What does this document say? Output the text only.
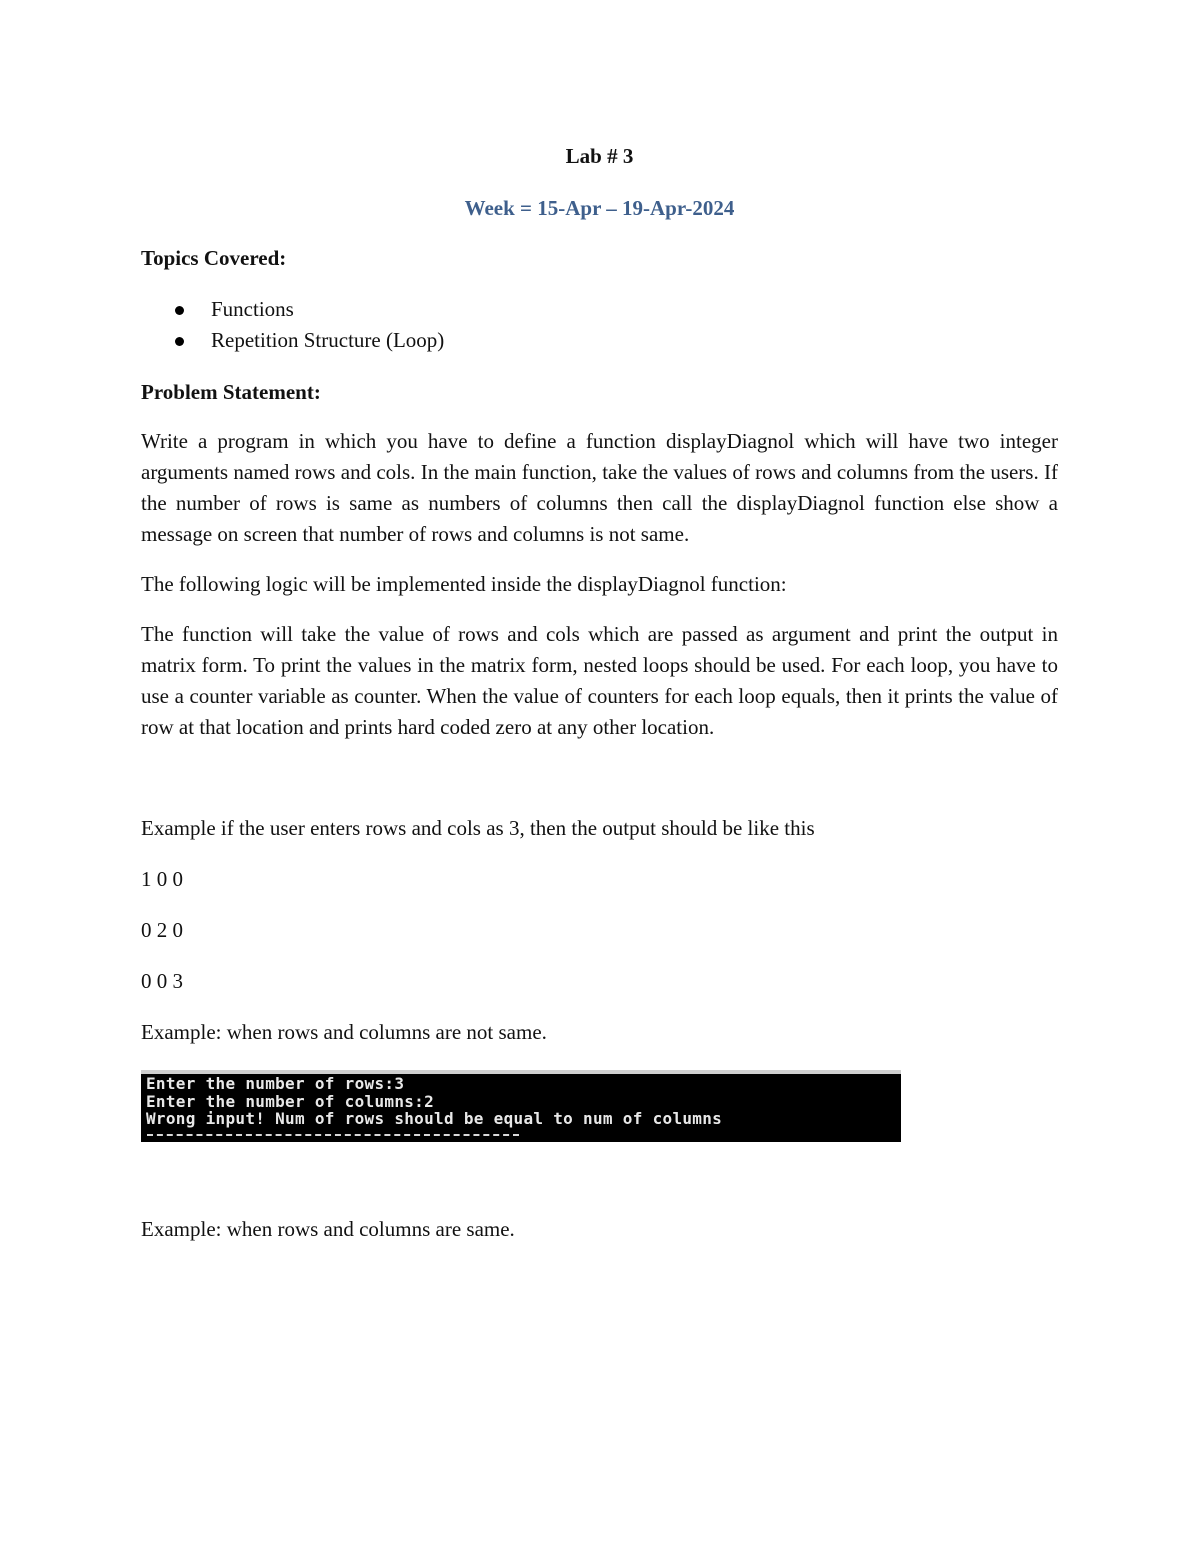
Lab # 3

Week = 15-Apr – 19-Apr-2024

Topics Covered:

Functions
Repetition Structure (Loop)

Problem Statement:

Write a program in which you have to define a function displayDiagnol which will have two integer arguments named rows and cols. In the main function, take the values of rows and columns from the users. If the number of rows is same as numbers of columns then call the displayDiagnol function else show a message on screen that number of rows and columns is not same.

The following logic will be implemented inside the displayDiagnol function:

The function will take the value of rows and cols which are passed as argument and print the output in matrix form. To print the values in the matrix form, nested loops should be used. For each loop, you have to use a counter variable as counter. When the value of counters for each loop equals, then it prints the value of row at that location and prints hard coded zero at any other location.

Example if the user enters rows and cols as 3, then the output should be like this

1 0 0

0 2 0

0 0 3

Example: when rows and columns are not same.

Enter the number of rows:3
Enter the number of columns:2
Wrong input! Num of rows should be equal to num of columns

Example: when rows and columns are same.
